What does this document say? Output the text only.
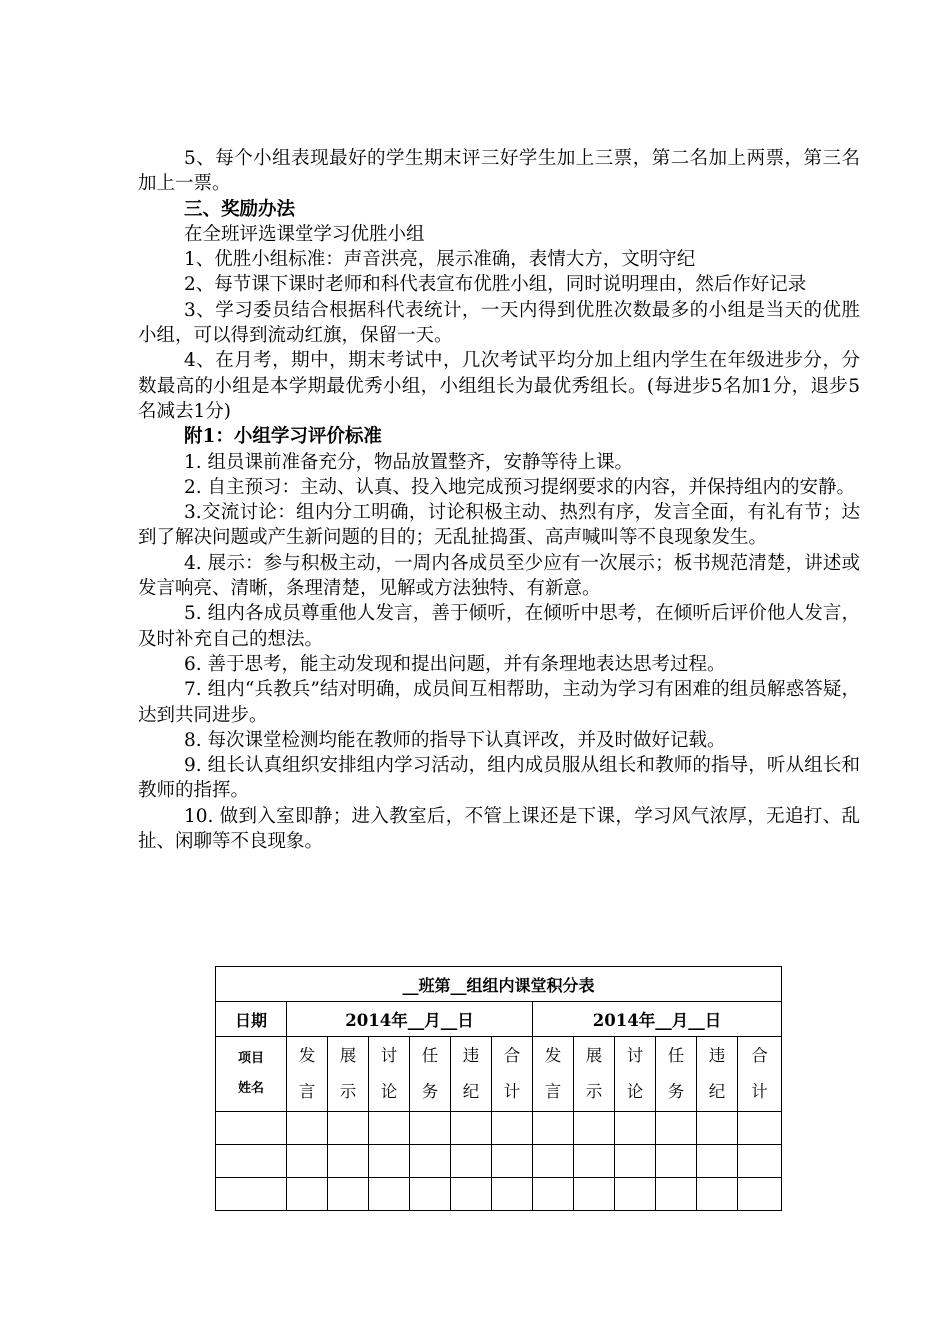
5、每个小组表现最好的学生期末评三好学生加上三票，第二名加上两票，第三名加上一票。
三、奖励办法
在全班评选课堂学习优胜小组
1、优胜小组标准：声音洪亮，展示准确，表情大方，文明守纪
2、每节课下课时老师和科代表宣布优胜小组，同时说明理由，然后作好记录
3、学习委员结合根据科代表统计，一天内得到优胜次数最多的小组是当天的优胜小组，可以得到流动红旗，保留一天。
4、在月考，期中，期末考试中，几次考试平均分加上组内学生在年级进步分，分数最高的小组是本学期最优秀小组，小组组长为最优秀组长。(每进步5名加1分，退步5名减去1分)
附1：小组学习评价标准
1. 组员课前准备充分，物品放置整齐，安静等待上课。
2. 自主预习：主动、认真、投入地完成预习提纲要求的内容，并保持组内的安静。
3.交流讨论：组内分工明确，讨论积极主动、热烈有序，发言全面，有礼有节；达到了解决问题或产生新问题的目的；无乱扯捣蛋、高声喊叫等不良现象发生。
4. 展示：参与积极主动，一周内各成员至少应有一次展示；板书规范清楚，讲述或发言响亮、清晰，条理清楚，见解或方法独特、有新意。
5. 组内各成员尊重他人发言，善于倾听，在倾听中思考，在倾听后评价他人发言，及时补充自己的想法。
6. 善于思考，能主动发现和提出问题，并有条理地表达思考过程。
7. 组内“兵教兵”结对明确，成员间互相帮助，主动为学习有困难的组员解惑答疑，达到共同进步。
8. 每次课堂检测均能在教师的指导下认真评改，并及时做好记载。
9. 组长认真组织安排组内学习活动，组内成员服从组长和教师的指导，听从组长和教师的指挥。
10. 做到入室即静；进入教室后，不管上课还是下课，学习风气浓厚，无追打、乱扯、闲聊等不良现象。
__班第__组组内课堂积分表												
日期	2014年__月__日						2014年__月__日					

项目
姓名	发言	展示	讨论	任务	违纪	合计	发言	展示	讨论	任务	违纪	合计
